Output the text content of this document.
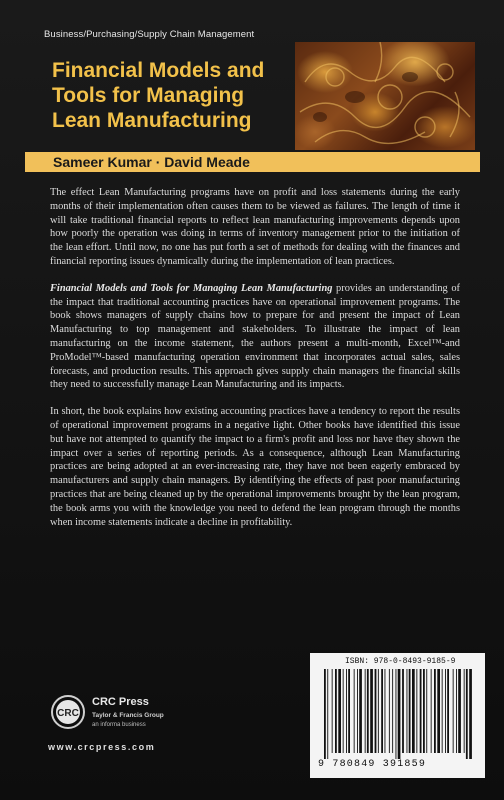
Business/Purchasing/Supply Chain Management
Financial Models and
Tools for Managing
Lean Manufacturing
Sameer Kumar · David Meade

The effect Lean Manufacturing programs have on profit and loss statements during the early months of their implementation often causes them to be viewed as failures. The length of time it will take traditional financial reports to reflect lean manufacturing improvements depends upon how poorly the operation was doing in terms of inventory management prior to the initiation of the lean effort. Until now, no one has put forth a set of methods for dealing with the finances and financial reporting issues dynamically during the implementation of lean practices.

Financial Models and Tools for Managing Lean Manufacturing provides an understanding of the impact that traditional accounting practices have on operational improvement programs. The book shows managers of supply chains how to prepare for and present the impact of Lean Manufacturing to top management and stakeholders. To illustrate the impact of lean manufacturing on the income statement, the authors present a multi-month, Excel™-and ProModel™-based manufacturing operation environment that incorporates actual sales, sales forecasts, and production results. This approach gives supply chain managers the financial skills they need to successfully manage Lean Manufacturing and its impacts.

In short, the book explains how existing accounting practices have a tendency to report the results of operational improvement programs in a negative light. Other books have identified this issue but have not attempted to quantify the impact to a firm's profit and loss nor have they shown the impact over a series of reporting periods. As a consequence, although Lean Manufacturing practices are being adopted at an ever-increasing rate, they have not been eagerly embraced by manufacturers and supply chain managers. By identifying the effects of past poor manufacturing practices that are being cleaned up by the operational improvements brought by the lean program, the book arms you with the knowledge you need to defend the lean program through the months when income statements indicate a decline in profitability.

CRC
CRC Press
Taylor & Francis Group
an informa business
www.crcpress.com
ISBN: 978-0-8493-9185-9
9 780849 391859
